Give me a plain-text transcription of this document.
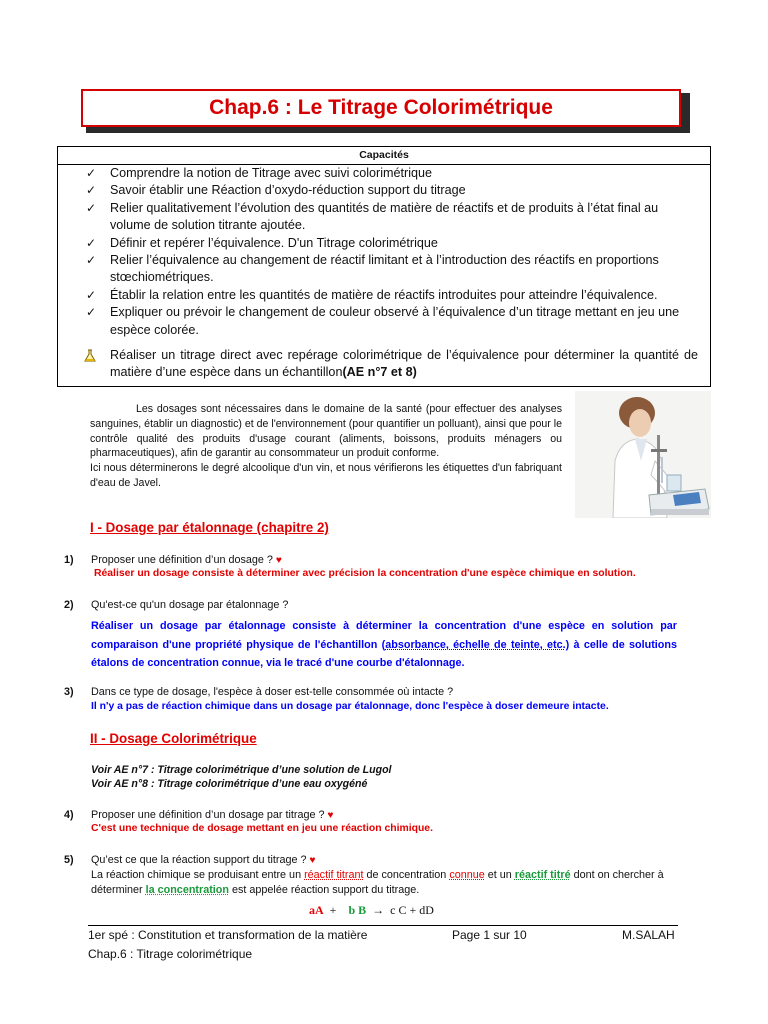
Chap.6 : Le Titrage Colorimétrique
Capacités
✓ Comprendre la notion de Titrage avec suivi colorimétrique
✓ Savoir établir une Réaction d’oxydo-réduction support du titrage
✓ Relier qualitativement l’évolution des quantités de matière de réactifs et de produits à l’état final au volume de solution titrante ajoutée.
✓ Définir et repérer l’équivalence. D'un Titrage colorimétrique
✓ Relier l’équivalence au changement de réactif limitant et à l’introduction des réactifs en proportions stœchiométriques.
✓ Établir la relation entre les quantités de matière de réactifs introduites pour atteindre l’équivalence.
✓ Expliquer ou prévoir le changement de couleur observé à l’équivalence d’un titrage mettant en jeu une espèce colorée.
Réaliser un titrage direct avec repérage colorimétrique de l’équivalence pour déterminer la quantité de matière d’une espèce dans un échantillon(AE n°7 et 8)

Les dosages sont nécessaires dans le domaine de la santé (pour effectuer des analyses sanguines, établir un diagnostic) et de l'environnement (pour quantifier un polluant), ainsi que pour le contrôle qualité des produits d'usage courant (aliments, boissons, produits ménagers ou pharmaceutiques), afin de garantir au consommateur un produit conforme.

Ici nous déterminerons le degré alcoolique d'un vin, et nous vérifierons les étiquettes d'un fabriquant d'eau de Javel.

I - Dosage par étalonnage (chapitre 2)
1) Proposer une définition d’un dosage ? ♥
Réaliser un dosage consiste à déterminer avec précision la concentration d'une espèce chimique en solution.
2) Qu'est-ce qu'un dosage par étalonnage ?
Réaliser un dosage par étalonnage consiste à déterminer la concentration d'une espèce en solution par comparaison d'une propriété physique de l'échantillon (absorbance, échelle de teinte, etc.) à celle de solutions étalons de concentration connue, via le tracé d'une courbe d'étalonnage.
3) Dans ce type de dosage, l'espèce à doser est-telle consommée où intacte ?
Il n'y a pas de réaction chimique dans un dosage par étalonnage, donc l'espèce à doser demeure intacte.
II - Dosage Colorimétrique
Voir AE n°7 : Titrage colorimétrique d’une solution de Lugol
Voir AE n°8 : Titrage colorimétrique d’une eau oxygéné
4) Proposer une définition d’un dosage par titrage ? ♥
C'est une technique de dosage mettant en jeu une réaction chimique.
5) Qu’est ce que la réaction support du titrage ? ♥
La réaction chimique se produisant entre un réactif titrant de concentration connue et un réactif titré dont on chercher à déterminer la concentration est appelée réaction support du titrage.
aA + b B → c C + dD
1er spé : Constitution et transformation de la matière	Page 1 sur 10	M.SALAH
Chap.6 : Titrage colorimétrique
